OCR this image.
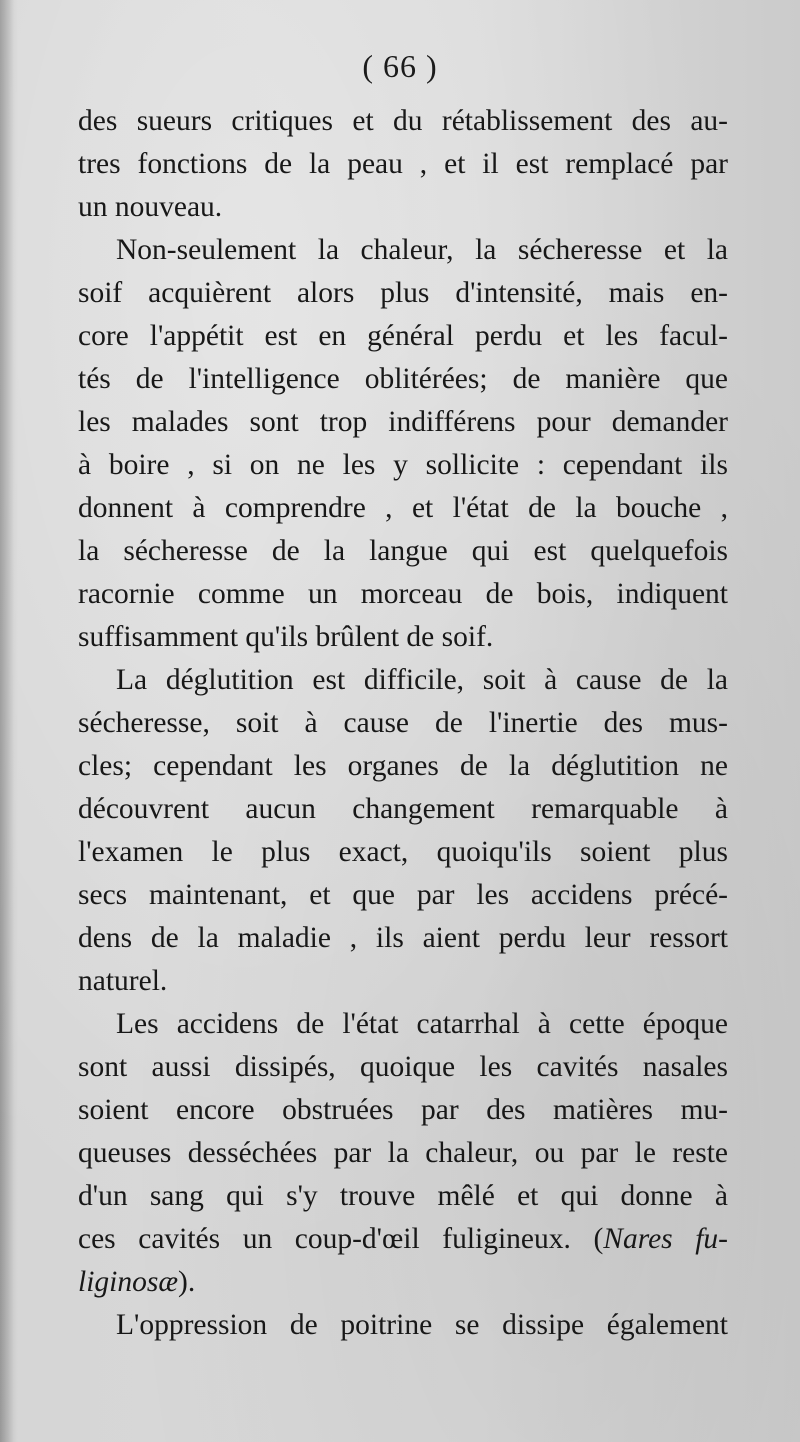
( 66 )
des sueurs critiques et du rétablissement des au-
tres fonctions de la peau , et il est remplacé par
un nouveau.
Non-seulement la chaleur, la sécheresse et la
soif acquièrent alors plus d'intensité, mais en-
core l'appétit est en général perdu et les facul-
tés de l'intelligence oblitérées; de manière que
les malades sont trop indifférens pour demander
à boire , si on ne les y sollicite : cependant ils
donnent à comprendre , et l'état de la bouche ,
la sécheresse de la langue qui est quelquefois
racornie comme un morceau de bois, indiquent
suffisamment qu'ils brûlent de soif.
La déglutition est difficile, soit à cause de la
sécheresse, soit à cause de l'inertie des mus-
cles; cependant les organes de la déglutition ne
découvrent aucun changement remarquable à
l'examen le plus exact, quoiqu'ils soient plus
secs maintenant, et que par les accidens précé-
dens de la maladie , ils aient perdu leur ressort
naturel.
Les accidens de l'état catarrhal à cette époque
sont aussi dissipés, quoique les cavités nasales
soient encore obstruées par des matières mu-
queuses desséchées par la chaleur, ou par le reste
d'un sang qui s'y trouve mêlé et qui donne à
ces cavités un coup-d'œil fuligineux. (Nares fu-
liginosæ).
L'oppression de poitrine se dissipe également
